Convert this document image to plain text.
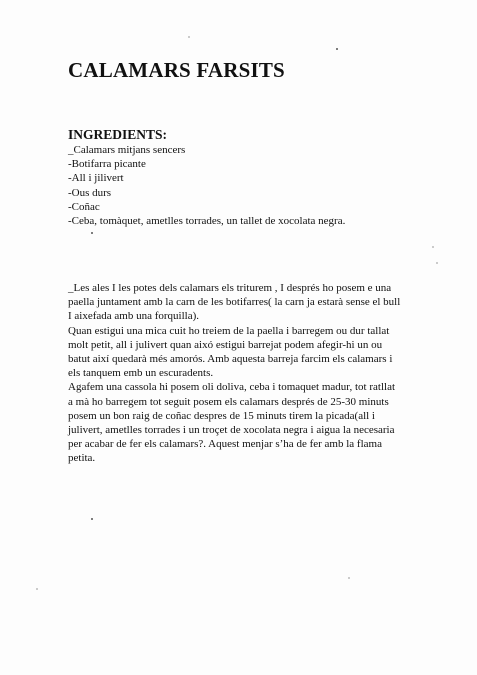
CALAMARS FARSITS
INGREDIENTS:
_Calamars mitjans sencers
-Botifarra picante
-All i jilivert
-Ous durs
-Coñac
-Ceba, tomàquet, ametlles torrades, un tallet de xocolata negra.
_Les ales I les potes dels calamars els triturem , I després ho posem e una
paella juntament amb la carn de les botifarres( la carn ja estarà sense el bull
I aixefada amb una forquilla).
Quan estigui una mica cuit ho treiem de la paella i barregem ou dur tallat
molt petit, all i julivert quan aixó estigui barrejat podem afegir-hi un ou
batut així quedarà més amorós. Amb aquesta barreja farcim els calamars i
els tanquem emb un escuradents.
Agafem una cassola hi posem oli doliva, ceba i tomaquet madur, tot ratllat
a mà ho barregem tot seguit posem els calamars després de 25-30 minuts
posem un bon raig de coñac despres de 15 minuts tirem la picada(all i
julivert, ametlles torrades i un troçet de xocolata negra i aigua la necesaria
per acabar de fer els calamars?. Aquest menjar s’ha de fer amb la flama
petita.
